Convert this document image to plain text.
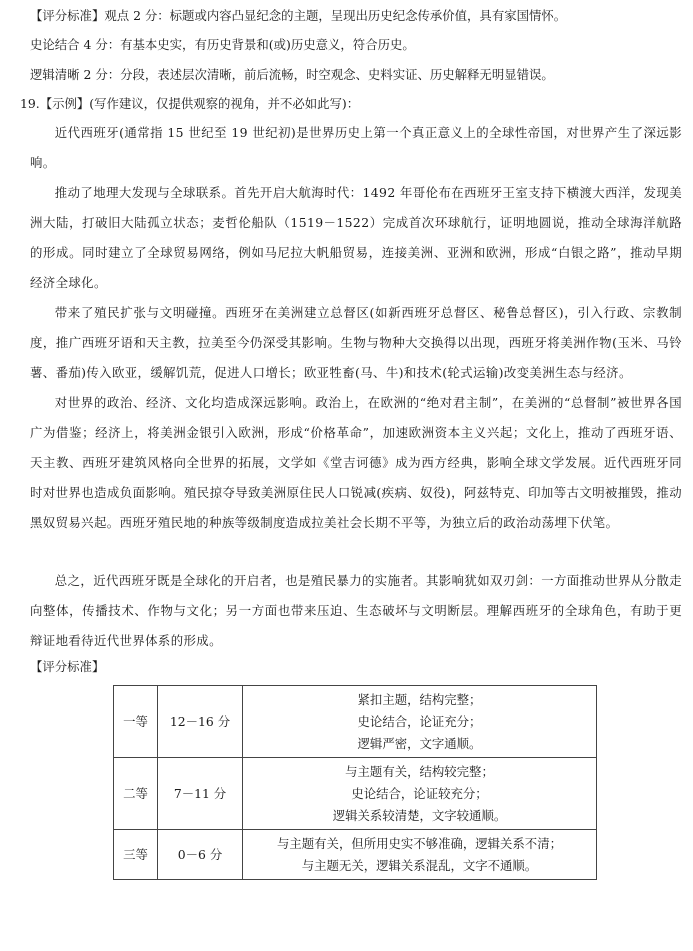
【评分标准】观点 2 分：标题或内容凸显纪念的主题，呈现出历史纪念传承价值，具有家国情怀。
史论结合 4 分：有基本史实，有历史背景和(或)历史意义，符合历史。
逻辑清晰 2 分：分段，表述层次清晰，前后流畅，时空观念、史料实证、历史解释无明显错误。
19.【示例】(写作建议，仅提供观察的视角，并不必如此写)：

近代西班牙(通常指 15 世纪至 19 世纪初)是世界历史上第一个真正意义上的全球性帝国，对世界产生了深远影响。

推动了地理大发现与全球联系。首先开启大航海时代：1492 年哥伦布在西班牙王室支持下横渡大西洋，发现美洲大陆，打破旧大陆孤立状态；麦哲伦船队（1519－1522）完成首次环球航行，证明地圆说，推动全球海洋航路的形成。同时建立了全球贸易网络，例如马尼拉大帆船贸易，连接美洲、亚洲和欧洲，形成“白银之路”，推动早期经济全球化。

带来了殖民扩张与文明碰撞。西班牙在美洲建立总督区(如新西班牙总督区、秘鲁总督区)，引入行政、宗教制度，推广西班牙语和天主教，拉美至今仍深受其影响。生物与物种大交换得以出现，西班牙将美洲作物(玉米、马铃薯、番茄)传入欧亚，缓解饥荒，促进人口增长；欧亚牲畜(马、牛)和技术(轮式运输)改变美洲生态与经济。

对世界的政治、经济、文化均造成深远影响。政治上，在欧洲的“绝对君主制”，在美洲的“总督制”被世界各国广为借鉴；经济上，将美洲金银引入欧洲，形成“价格革命”，加速欧洲资本主义兴起；文化上，推动了西班牙语、天主教、西班牙建筑风格向全世界的拓展，文学如《堂吉诃德》成为西方经典，影响全球文学发展。近代西班牙同时对世界也造成负面影响。殖民掠夺导致美洲原住民人口锐减(疾病、奴役)，阿兹特克、印加等古文明被摧毁，推动黑奴贸易兴起。西班牙殖民地的种族等级制度造成拉美社会长期不平等，为独立后的政治动荡埋下伏笔。

总之，近代西班牙既是全球化的开启者，也是殖民暴力的实施者。其影响犹如双刃剑：一方面推动世界从分散走向整体，传播技术、作物与文化；另一方面也带来压迫、生态破坏与文明断层。理解西班牙的全球角色，有助于更辩证地看待近代世界体系的形成。

【评分标准】
一等	12－16 分	紧扣主题，结构完整；
史论结合，论证充分；
逻辑严密，文字通顺。

二等	7－11 分	与主题有关，结构较完整；
史论结合，论证较充分；
逻辑关系较清楚，文字较通顺。

三等	0－6 分	与主题有关，但所用史实不够准确，逻辑关系不清；
与主题无关，逻辑关系混乱，文字不通顺。
